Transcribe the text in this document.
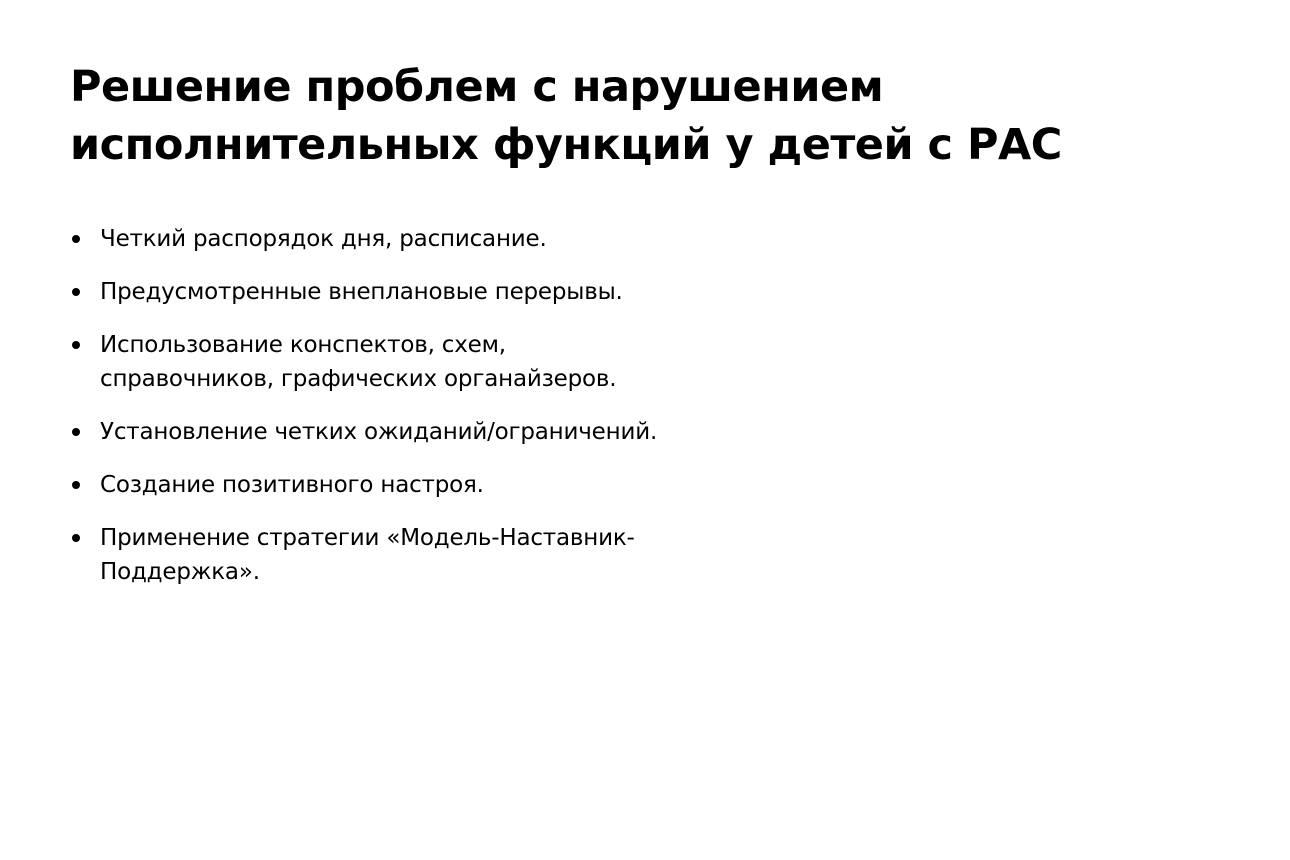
Решение проблем с нарушением
исполнительных функций у детей с РАС
Четкий распорядок дня, расписание.
Предусмотренные внеплановые перерывы.
Использование конспектов, схем,
справочников, графических органайзеров.
Установление четких ожиданий/ограничений.
Создание позитивного настроя.
Применение стратегии «Модель-Наставник-
Поддержка».
